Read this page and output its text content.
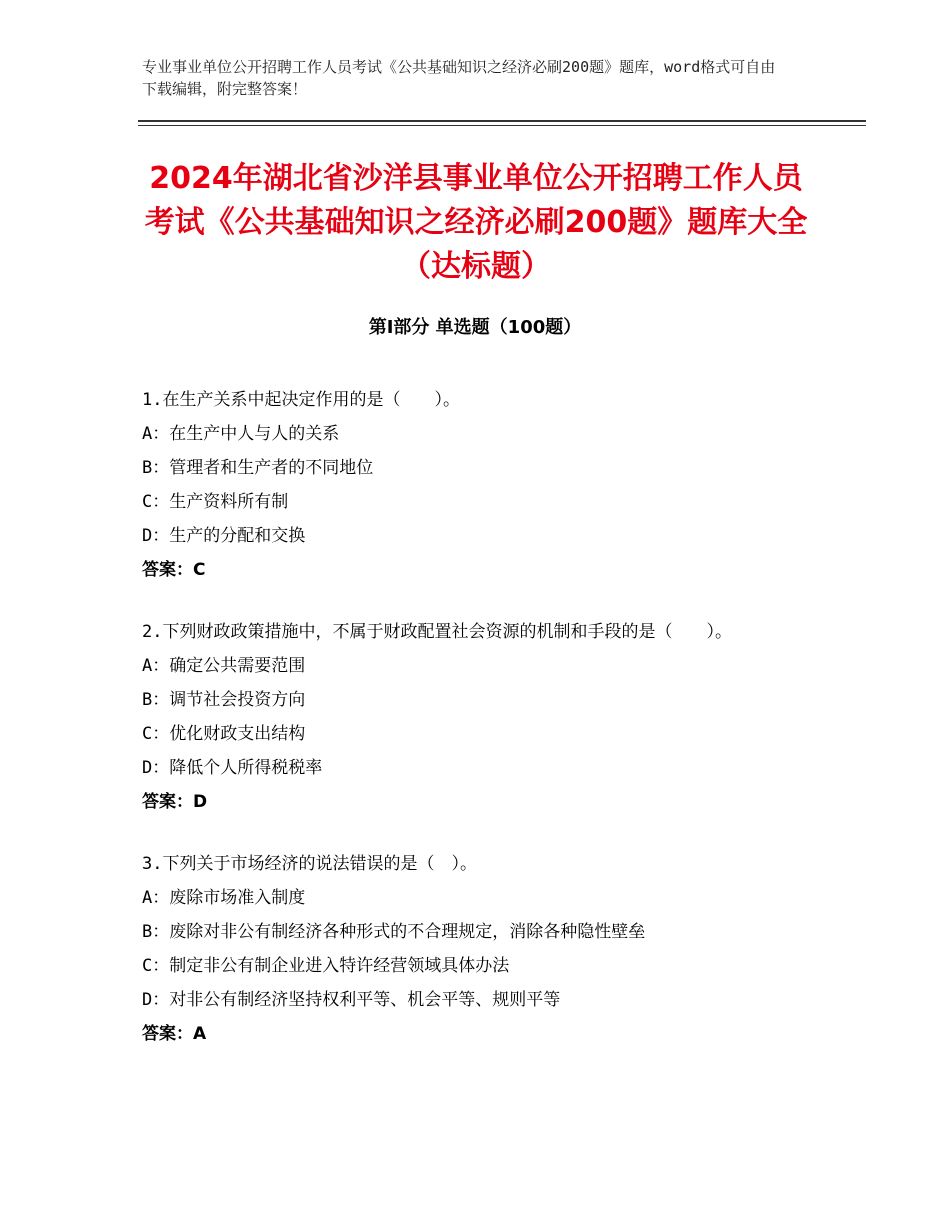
专业事业单位公开招聘工作人员考试《公共基础知识之经济必刷200题》题库，word格式可自由下载编辑，附完整答案！
2024年湖北省沙洋县事业单位公开招聘工作人员考试《公共基础知识之经济必刷200题》题库大全（达标题）
第Ⅰ部分 单选题（100题）

1.在生产关系中起决定作用的是（　　）。

A：在生产中人与人的关系

B：管理者和生产者的不同地位

C：生产资料所有制

D：生产的分配和交换

答案：C

2.下列财政政策措施中，不属于财政配置社会资源的机制和手段的是（　　）。

A：确定公共需要范围

B：调节社会投资方向

C：优化财政支出结构

D：降低个人所得税税率

答案：D

3.下列关于市场经济的说法错误的是（　）。

A：废除市场准入制度

B：废除对非公有制经济各种形式的不合理规定，消除各种隐性壁垒

C：制定非公有制企业进入特许经营领域具体办法

D：对非公有制经济坚持权利平等、机会平等、规则平等

答案：A
